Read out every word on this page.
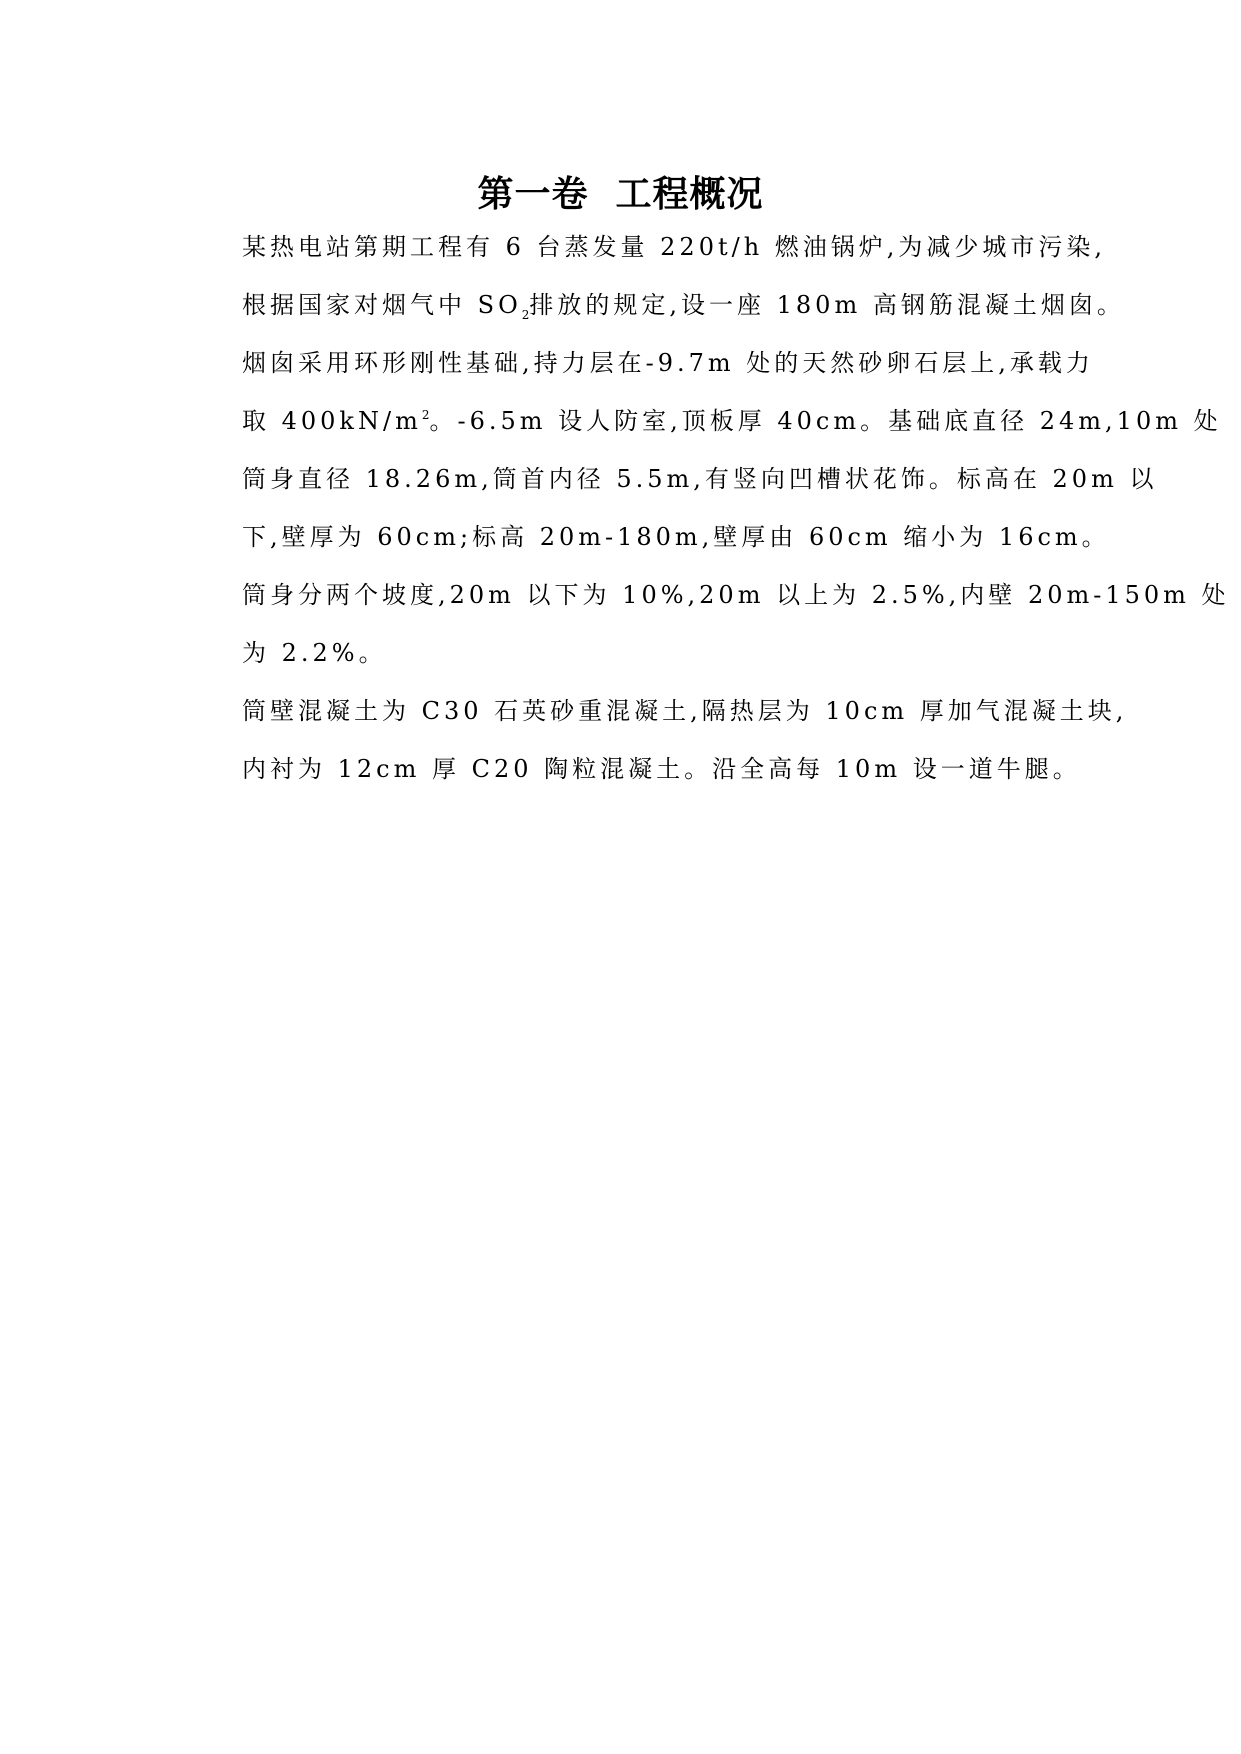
第一卷  工程概况
某热电站第期工程有 6 台蒸发量 220t/h 燃油锅炉,为减少城市污染,
根据国家对烟气中 $SO_2$排放的规定,设一座 180m 高钢筋混凝土烟囱。
烟囱采用环形刚性基础,持力层在-9.7m 处的天然砂卵石层上,承载力
取 $400kN/m^2$。-6.5m 设人防室,顶板厚 40cm。基础底直径 24m,10m 处
筒身直径 18.26m,筒首内径 5.5m,有竖向凹槽状花饰。标高在 20m 以
下,壁厚为 60cm;标高 20m-180m,壁厚由 60cm 缩小为 16cm。
筒身分两个坡度,20m 以下为 10%,20m 以上为 2.5%,内壁 20m-150m 处
为 2.2%。
筒壁混凝土为 C30 石英砂重混凝土,隔热层为 10cm 厚加气混凝土块,
内衬为 12cm 厚 C20 陶粒混凝土。沿全高每 10m 设一道牛腿。
